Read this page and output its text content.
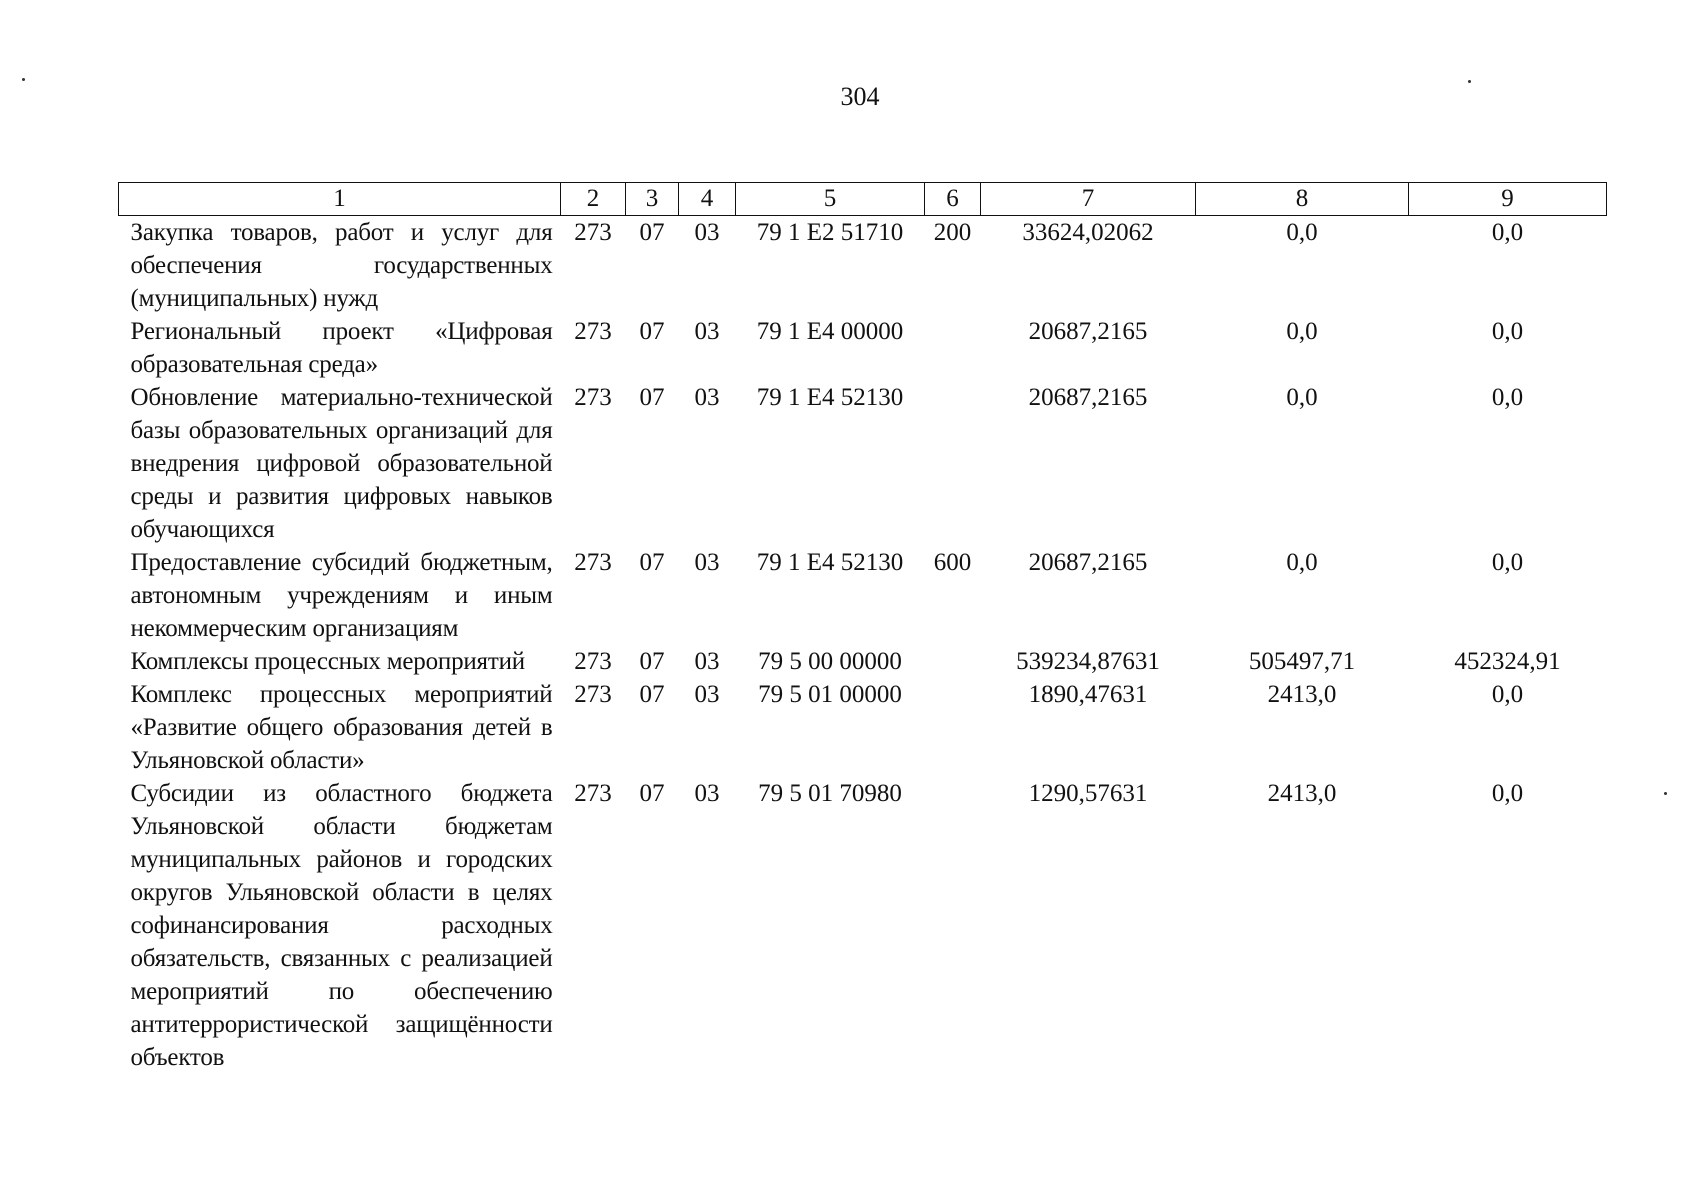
304
1	2	3	4	5	6	7	8	9
Закупка товаров, работ и услуг для обеспечения государственных (муниципальных) нужд	273	07	03	79 1 E2 51710	200	33624,02062	0,0	0,0
Региональный проект «Цифровая образовательная среда»	273	07	03	79 1 E4 00000		20687,2165	0,0	0,0
Обновление материально-технической базы образовательных организаций для внедрения цифровой образовательной среды и развития цифровых навыков обучающихся	273	07	03	79 1 E4 52130		20687,2165	0,0	0,0
Предоставление субсидий бюджетным, автономным учреждениям и иным некоммерческим организациям	273	07	03	79 1 E4 52130	600	20687,2165	0,0	0,0
Комплексы процессных мероприятий	273	07	03	79 5 00 00000		539234,87631	505497,71	452324,91
Комплекс процессных мероприятий «Развитие общего образования детей в Ульяновской области»	273	07	03	79 5 01 00000		1890,47631	2413,0	0,0
Субсидии из областного бюджета Ульяновской области бюджетам муниципальных районов и городских округов Ульяновской области в целях софинансирования расходных обязательств, связанных с реализацией мероприятий по обеспечению антитеррористической защищённости объектов	273	07	03	79 5 01 70980		1290,57631	2413,0	0,0
